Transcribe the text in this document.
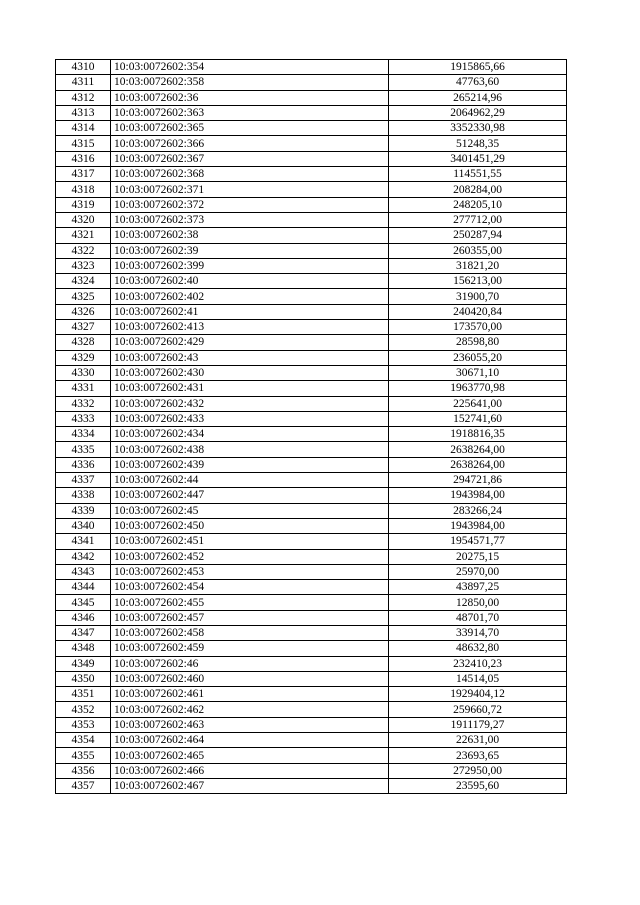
4310	10:03:0072602:354	1915865,66
4311	10:03:0072602:358	47763,60
4312	10:03:0072602:36	265214,96
4313	10:03:0072602:363	2064962,29
4314	10:03:0072602:365	3352330,98
4315	10:03:0072602:366	51248,35
4316	10:03:0072602:367	3401451,29
4317	10:03:0072602:368	114551,55
4318	10:03:0072602:371	208284,00
4319	10:03:0072602:372	248205,10
4320	10:03:0072602:373	277712,00
4321	10:03:0072602:38	250287,94
4322	10:03:0072602:39	260355,00
4323	10:03:0072602:399	31821,20
4324	10:03:0072602:40	156213,00
4325	10:03:0072602:402	31900,70
4326	10:03:0072602:41	240420,84
4327	10:03:0072602:413	173570,00
4328	10:03:0072602:429	28598,80
4329	10:03:0072602:43	236055,20
4330	10:03:0072602:430	30671,10
4331	10:03:0072602:431	1963770,98
4332	10:03:0072602:432	225641,00
4333	10:03:0072602:433	152741,60
4334	10:03:0072602:434	1918816,35
4335	10:03:0072602:438	2638264,00
4336	10:03:0072602:439	2638264,00
4337	10:03:0072602:44	294721,86
4338	10:03:0072602:447	1943984,00
4339	10:03:0072602:45	283266,24
4340	10:03:0072602:450	1943984,00
4341	10:03:0072602:451	1954571,77
4342	10:03:0072602:452	20275,15
4343	10:03:0072602:453	25970,00
4344	10:03:0072602:454	43897,25
4345	10:03:0072602:455	12850,00
4346	10:03:0072602:457	48701,70
4347	10:03:0072602:458	33914,70
4348	10:03:0072602:459	48632,80
4349	10:03:0072602:46	232410,23
4350	10:03:0072602:460	14514,05
4351	10:03:0072602:461	1929404,12
4352	10:03:0072602:462	259660,72
4353	10:03:0072602:463	1911179,27
4354	10:03:0072602:464	22631,00
4355	10:03:0072602:465	23693,65
4356	10:03:0072602:466	272950,00
4357	10:03:0072602:467	23595,60
